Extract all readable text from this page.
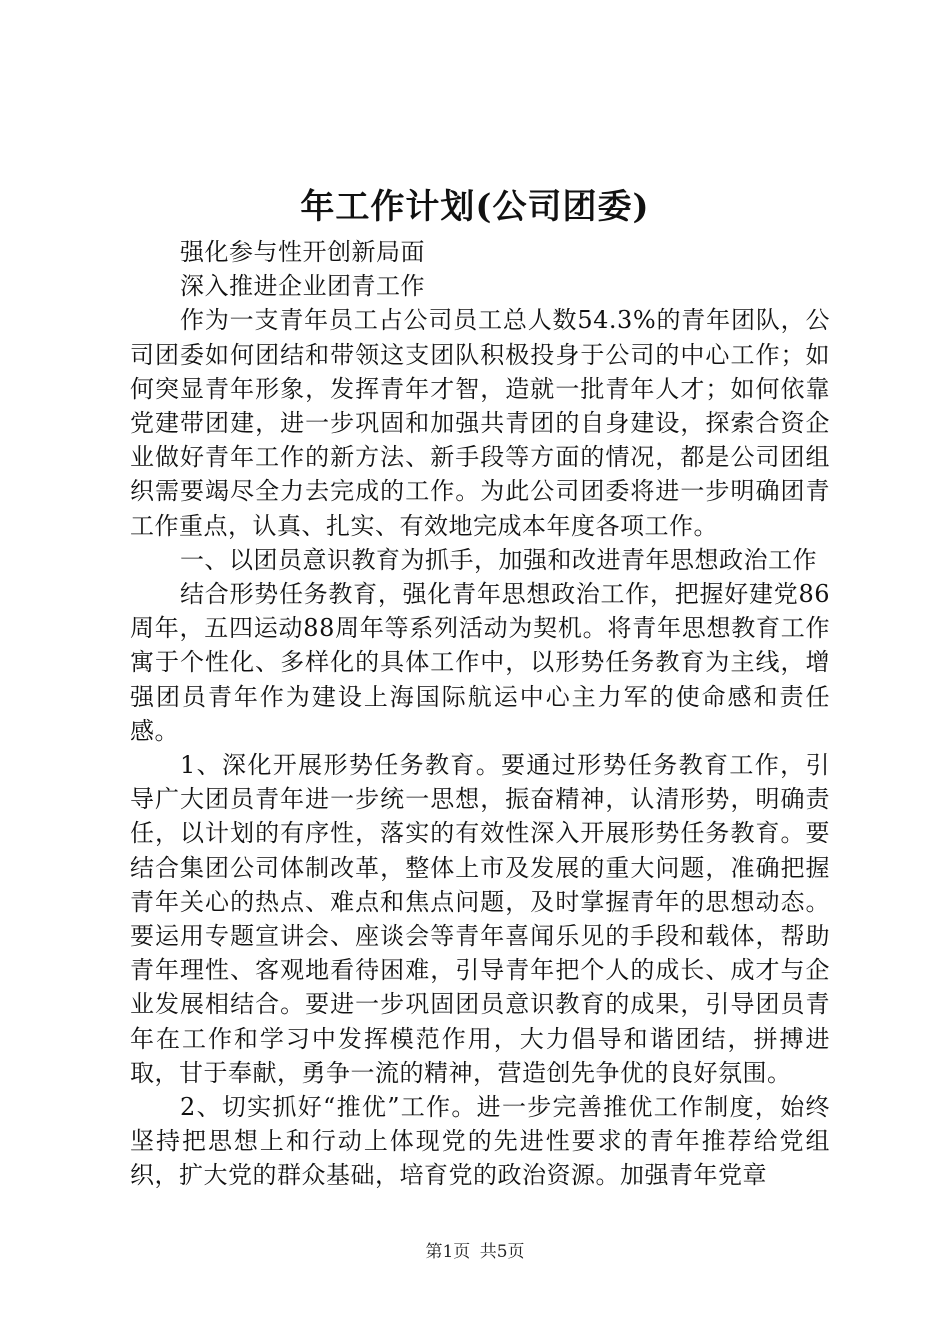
年工作计划(公司团委)

强化参与性开创新局面

深入推进企业团青工作

作为一支青年员工占公司员工总人数54.3%的青年团队，公司团委如何团结和带领这支团队积极投身于公司的中心工作；如何突显青年形象，发挥青年才智，造就一批青年人才；如何依靠党建带团建，进一步巩固和加强共青团的自身建设，探索合资企业做好青年工作的新方法、新手段等方面的情况，都是公司团组织需要竭尽全力去完成的工作。为此公司团委将进一步明确团青工作重点，认真、扎实、有效地完成本年度各项工作。

一、以团员意识教育为抓手，加强和改进青年思想政治工作

结合形势任务教育，强化青年思想政治工作，把握好建党86周年，五四运动88周年等系列活动为契机。将青年思想教育工作寓于个性化、多样化的具体工作中，以形势任务教育为主线，增强团员青年作为建设上海国际航运中心主力军的使命感和责任感。

1、深化开展形势任务教育。要通过形势任务教育工作，引导广大团员青年进一步统一思想，振奋精神，认清形势，明确责任，以计划的有序性，落实的有效性深入开展形势任务教育。要结合集团公司体制改革，整体上市及发展的重大问题，准确把握青年关心的热点、难点和焦点问题，及时掌握青年的思想动态。要运用专题宣讲会、座谈会等青年喜闻乐见的手段和载体，帮助青年理性、客观地看待困难，引导青年把个人的成长、成才与企业发展相结合。要进一步巩固团员意识教育的成果，引导团员青年在工作和学习中发挥模范作用，大力倡导和谐团结，拼搏进取，甘于奉献，勇争一流的精神，营造创先争优的良好氛围。

2、切实抓好“推优”工作。进一步完善推优工作制度，始终坚持把思想上和行动上体现党的先进性要求的青年推荐给党组织，扩大党的群众基础，培育党的政治资源。加强青年党章

第1页 共5页
